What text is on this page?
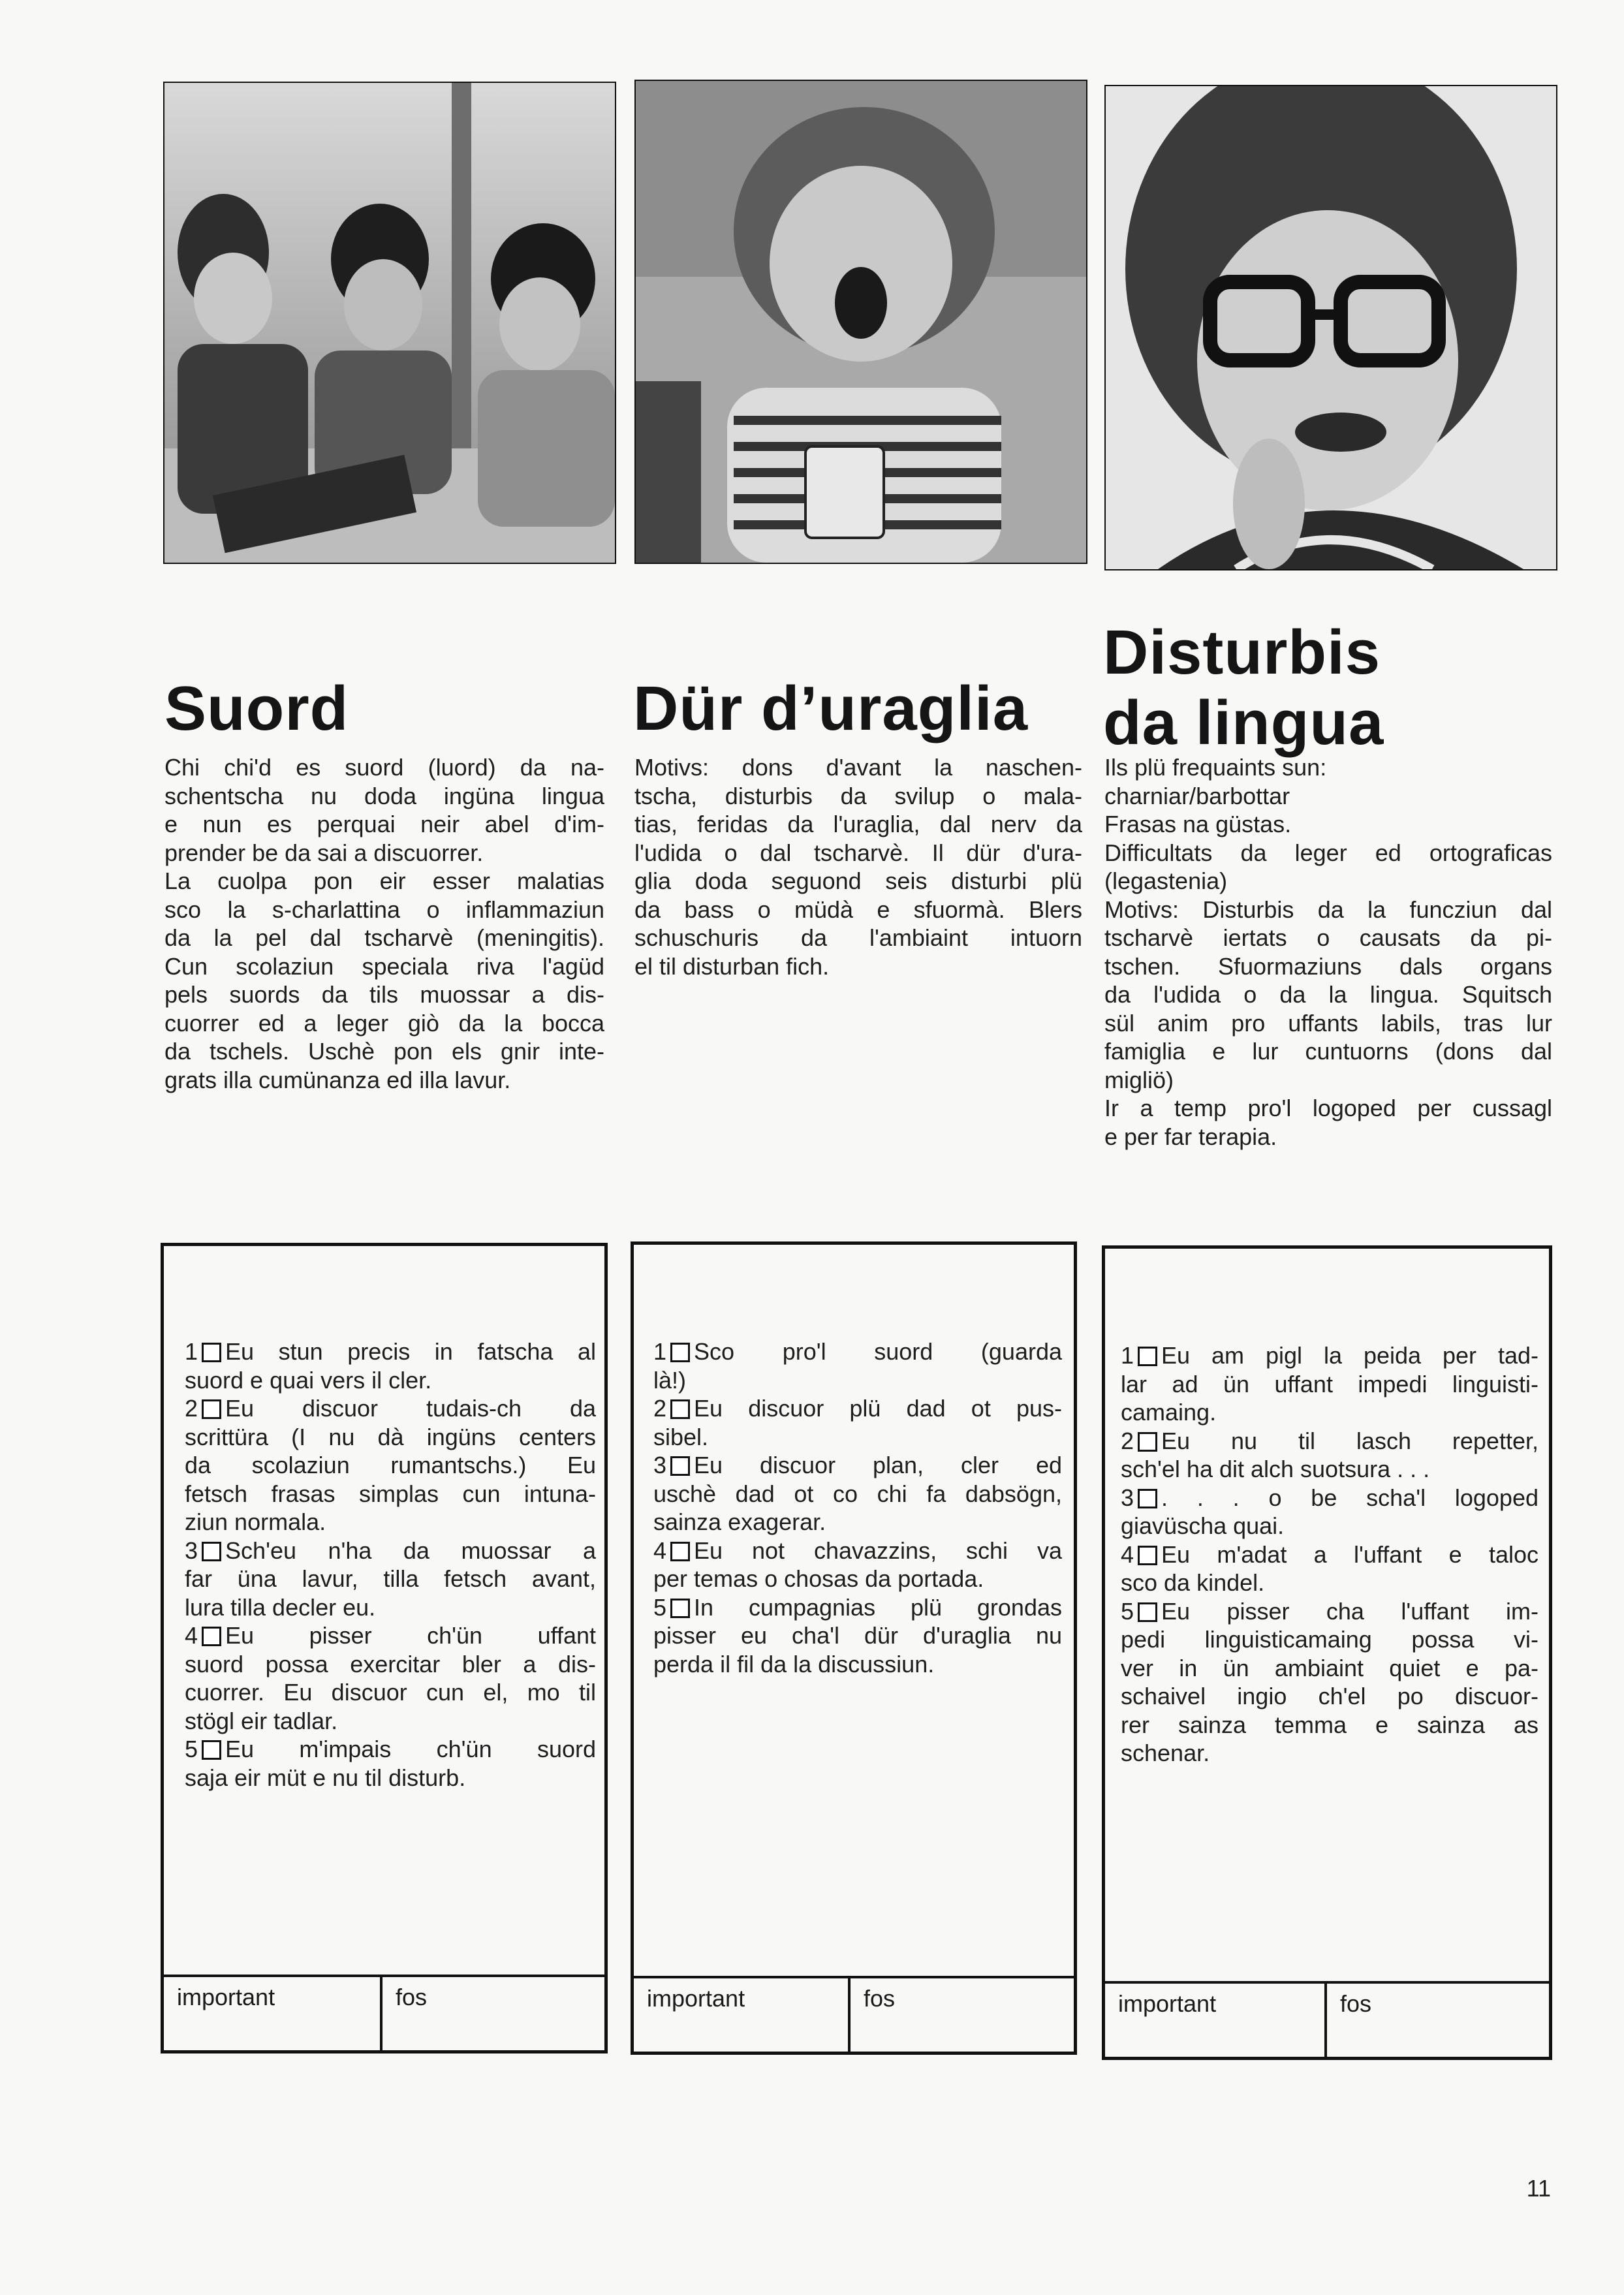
Suord
Chi chi'd es suord (luord) da na-
schentscha nu doda ingüna lingua
e nun es perquai neir abel d'im-
prender be da sai a discuorrer.
La cuolpa pon eir esser malatias
sco la s-charlattina o inflammaziun
da la pel dal tscharvè (meningitis).
Cun scolaziun speciala riva l'agüd
pels suords da tils muossar a dis-
cuorrer ed a leger giò da la bocca
da tschels. Uschè pon els gnir inte-
grats illa cumünanza ed illa lavur.
Dür d’uraglia
Motivs: dons d'avant la naschen-
tscha, disturbis da svilup o mala-
tias, feridas da l'uraglia, dal nerv da
l'udida o dal tscharvè. Il dür d'ura-
glia doda seguond seis disturbi plü
da bass o müdà e sfuormà. Blers
schuschuris da l'ambiaint intuorn
el til disturban fich.
Disturbis
da lingua
Ils plü frequaints sun:
charniar/barbottar
Frasas na güstas.
Difficultats da leger ed ortograficas
(legastenia)
Motivs: Disturbis da la funcziun dal
tscharvè iertats o causats da pi-
tschen. Sfuormaziuns dals organs
da l'udida o da la lingua. Squitsch
sül anim pro uffants labils, tras lur
famiglia e lur cuntuorns (dons dal
migliö)
Ir a temp pro'l logoped per cussagl
e per far terapia.
1 Eu stun precis in fatscha al
suord e quai vers il cler.
2 Eu discuor tudais-ch da
scrittüra (I nu dà ingüns centers
da scolaziun rumantschs.) Eu
fetsch frasas simplas cun intuna-
ziun normala.
3 Sch'eu n'ha da muossar a
far üna lavur, tilla fetsch avant,
lura tilla decler eu.
4 Eu pisser ch'ün uffant
suord possa exercitar bler a dis-
cuorrer. Eu discuor cun el, mo til
stögl eir tadlar.
5 Eu m'impais ch'ün suord
saja eir müt e nu til disturb.
important	fos
1 Sco pro'l suord (guarda
là!)
2 Eu discuor plü dad ot pus-
sibel.
3 Eu discuor plan, cler ed
uschè dad ot co chi fa dabsögn,
sainza exagerar.
4 Eu not chavazzins, schi va
per temas o chosas da portada.
5 In cumpagnias plü grondas
pisser eu cha'l dür d'uraglia nu
perda il fil da la discussiun.
important	fos
1 Eu am pigl la peida per tad-
lar ad ün uffant impedi linguisti-
camaing.
2 Eu nu til lasch repetter,
sch'el ha dit alch suotsura . . .
3 . . . o be scha'l logoped
giavüscha quai.
4 Eu m'adat a l'uffant e taloc
sco da kindel.
5 Eu pisser cha l'uffant im-
pedi linguisticamaing possa vi-
ver in ün ambiaint quiet e pa-
schaivel ingio ch'el po discuor-
rer sainza temma e sainza as
schenar.
important	fos
11
